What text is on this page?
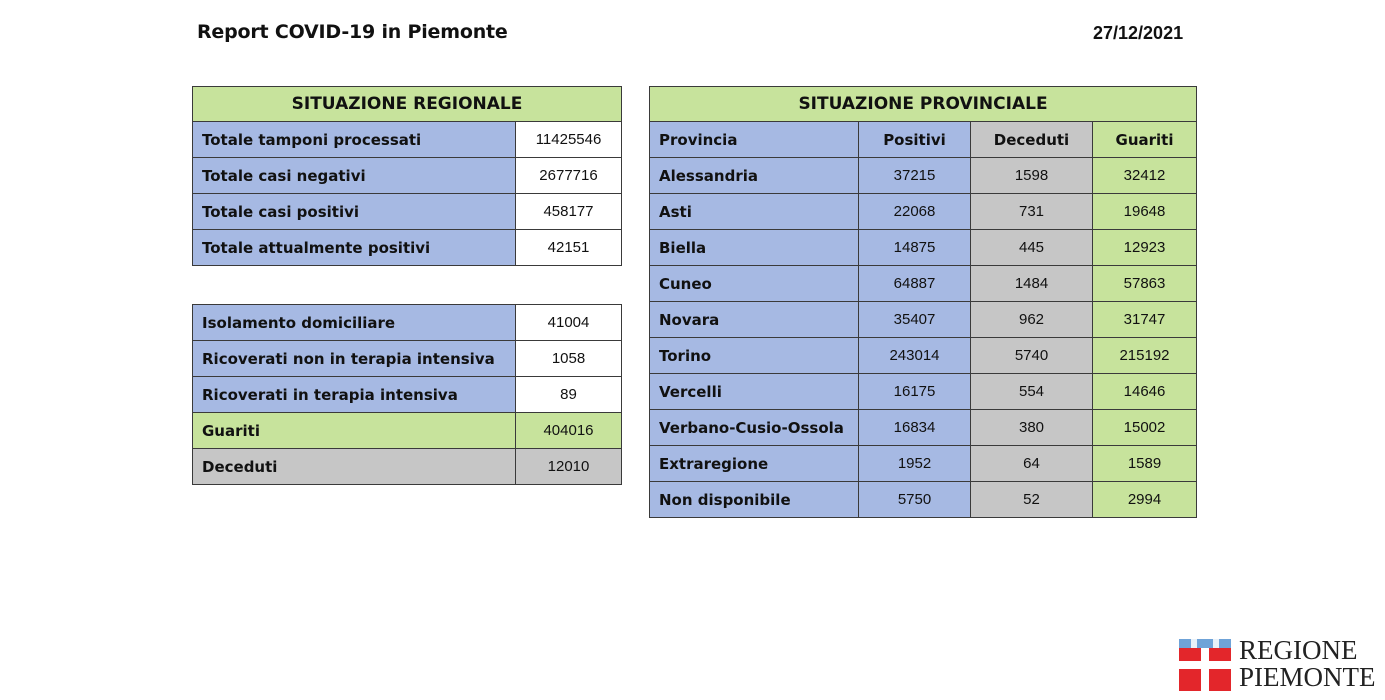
Report COVID-19 in Piemonte	27/12/2021
SITUAZIONE REGIONALE	
Totale tamponi processati	11425546
Totale casi negativi	2677716
Totale casi positivi	458177
Totale attualmente positivi	42151
Isolamento domiciliare	41004
Ricoverati non in terapia intensiva	1058
Ricoverati in terapia intensiva	89
Guariti	404016
Deceduti	12010
SITUAZIONE PROVINCIALE			
Provincia	Positivi	Deceduti	Guariti
Alessandria	37215	1598	32412
Asti	22068	731	19648
Biella	14875	445	12923
Cuneo	64887	1484	57863
Novara	35407	962	31747
Torino	243014	5740	215192
Vercelli	16175	554	14646
Verbano-Cusio-Ossola	16834	380	15002
Extraregione	1952	64	1589
Non disponibile	5750	52	2994
REGIONE
PIEMONTE
